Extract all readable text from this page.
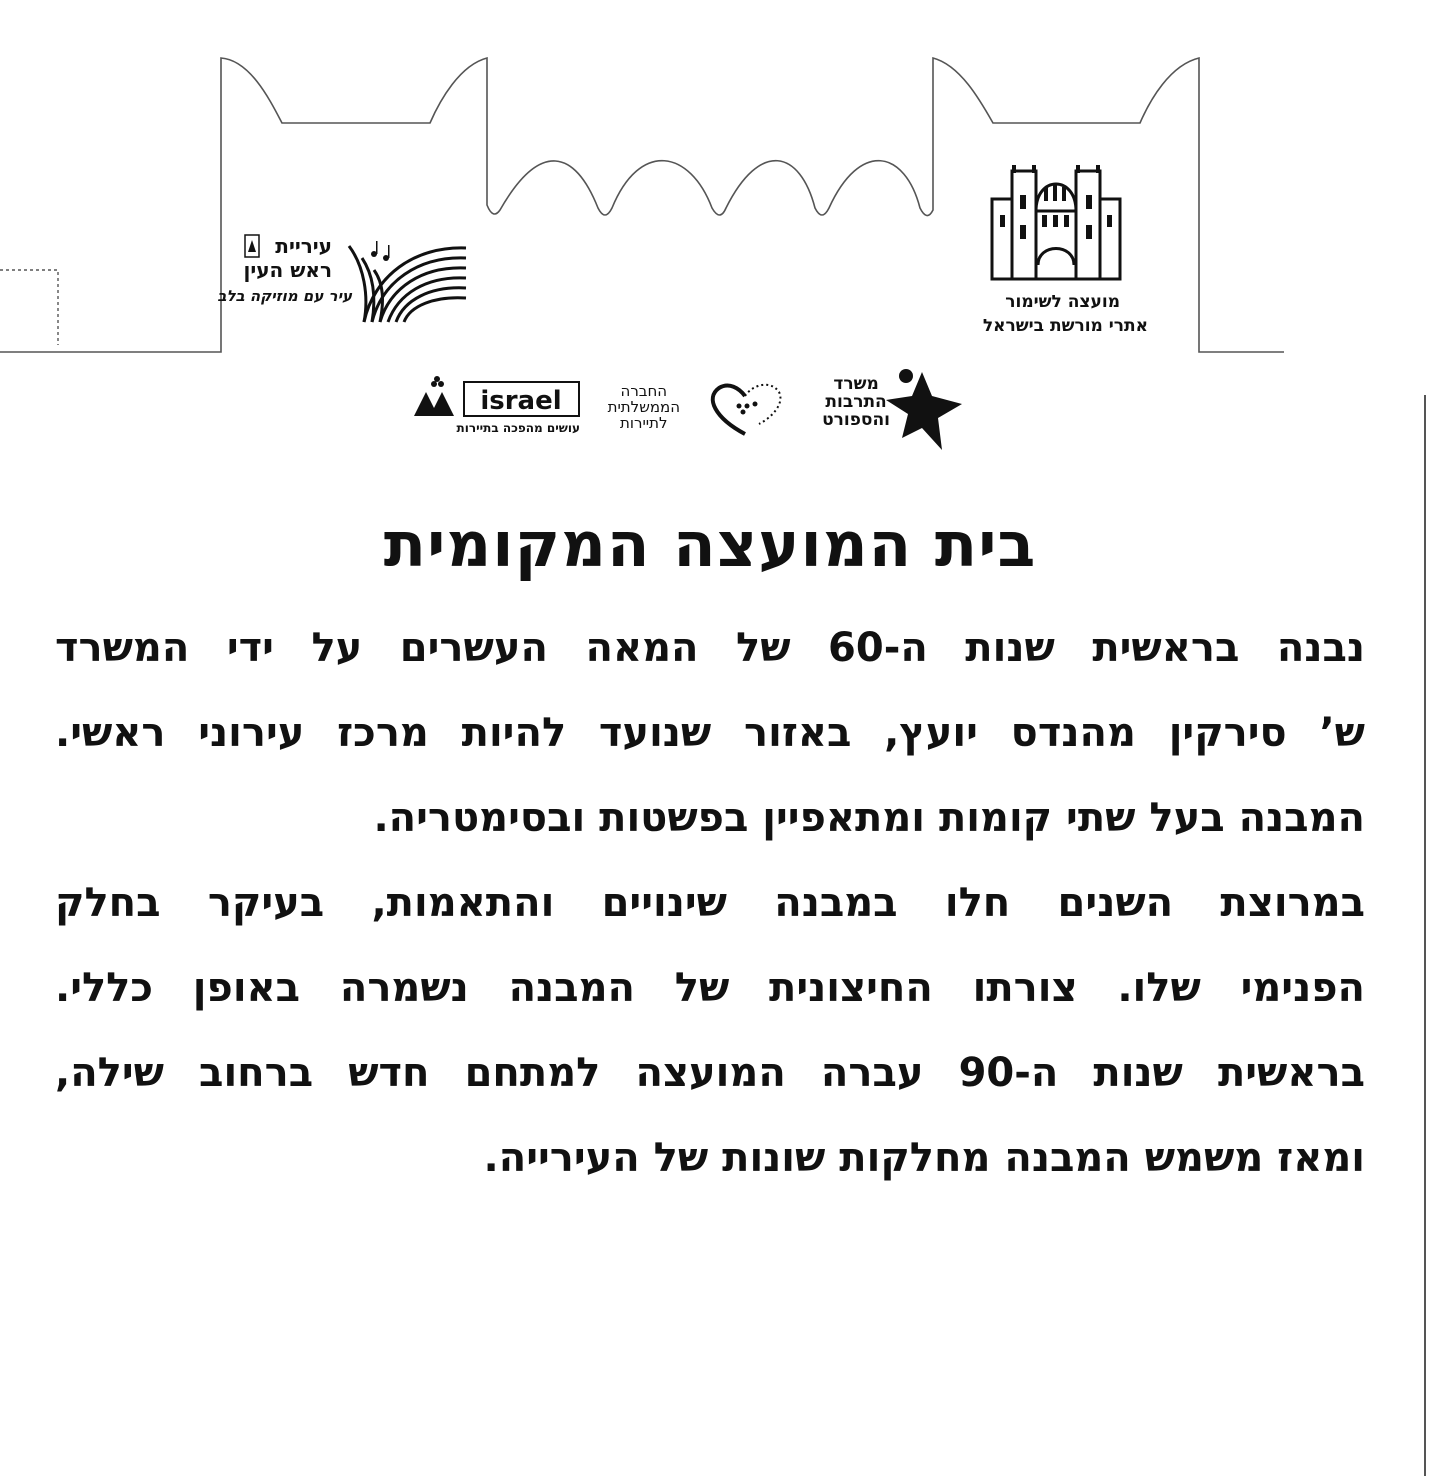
עיריית
ראש העין
עיר עם מוזיקה בלב	מועצה לשימור
אתרי מורשת בישראל
משרד
התרבות
והספורט
החברה
הממשלתית
לתיירות
israel
עושים מהפכה בתיירות
בית המועצה המקומית
נבנה בראשית שנות ה-60 של המאה העשרים על ידי המשרד
ש’ סירקין מהנדס יועץ, באזור שנועד להיות מרכז עירוני ראשי.
המבנה בעל שתי קומות ומתאפיין בפשטות ובסימטריה.
במרוצת השנים חלו במבנה שינויים והתאמות, בעיקר בחלק
הפנימי שלו. צורתו החיצונית של המבנה נשמרה באופן כללי.
בראשית שנות ה-90 עברה המועצה למתחם חדש ברחוב שילה,
ומאז משמש המבנה מחלקות שונות של העירייה.
